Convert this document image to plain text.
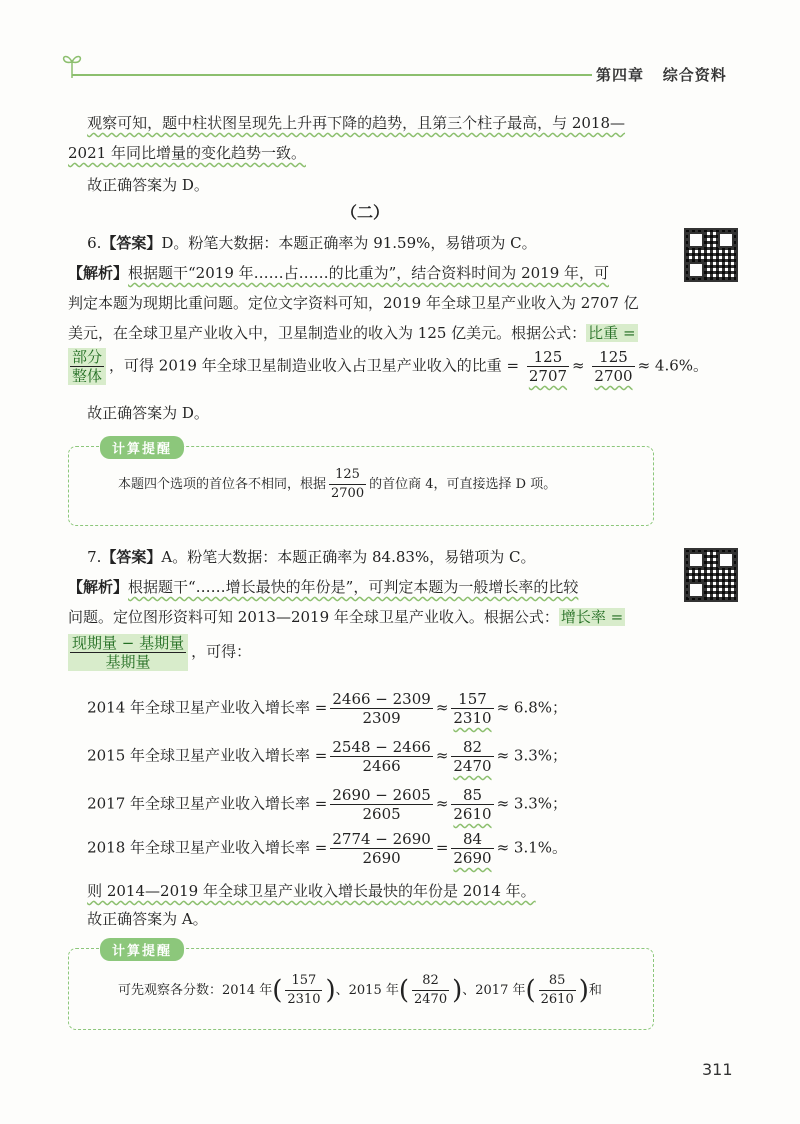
第四章 综合资料
观察可知，题中柱状图呈现先上升再下降的趋势，且第三个柱子最高，与 2018—
2021 年同比增量的变化趋势一致。
故正确答案为 D。
（二）
6.【答案】D。粉笔大数据：本题正确率为 91.59%，易错项为 C。
【解析】根据题干“2019 年……占……的比重为”，结合资料时间为 2019 年，可
判定本题为现期比重问题。定位文字资料可知，2019 年全球卫星产业收入为 2707 亿
美元，在全球卫星产业收入中，卫星制造业的收入为 125 亿美元。根据公式： 比重 =
$\frac{\text{部分}}{\text{整体}}$ ，可得 2019 年全球卫星制造业收入占卫星产业收入的比重 = $\frac{125}{2707} \approx \frac{125}{2700} \approx 4.6\%$。
故正确答案为 D。
计算提醒
本题四个选项的首位各不相同，根据 $\frac{125}{2700}$ 的首位商 4，可直接选择 D 项。
7.【答案】A。粉笔大数据：本题正确率为 84.83%，易错项为 C。
【解析】根据题干“……增长最快的年份是”，可判定本题为一般增长率的比较
问题。定位图形资料可知 2013—2019 年全球卫星产业收入。根据公式： 增长率 =
$\frac{\text{现期量 − 基期量}}{\text{基期量}}$ ，可得：
2014 年全球卫星产业收入增长率 = $\frac{2466 - 2309}{2309} \approx \frac{157}{2310} \approx 6.8\%$；
2015 年全球卫星产业收入增长率 = $\frac{2548 - 2466}{2466} \approx \frac{82}{2470} \approx 3.3\%$；
2017 年全球卫星产业收入增长率 = $\frac{2690 - 2605}{2605} \approx \frac{85}{2610} \approx 3.3\%$；
2018 年全球卫星产业收入增长率 = $\frac{2774 - 2690}{2690} = \frac{84}{2690} \approx 3.1\%$。
则 2014—2019 年全球卫星产业收入增长最快的年份是 2014 年。
故正确答案为 A。
计算提醒
可先观察各分数：2014 年( $\frac{157}{2310}$ )、2015 年( $\frac{82}{2470}$ )、2017 年( $\frac{85}{2610}$ )和
311
